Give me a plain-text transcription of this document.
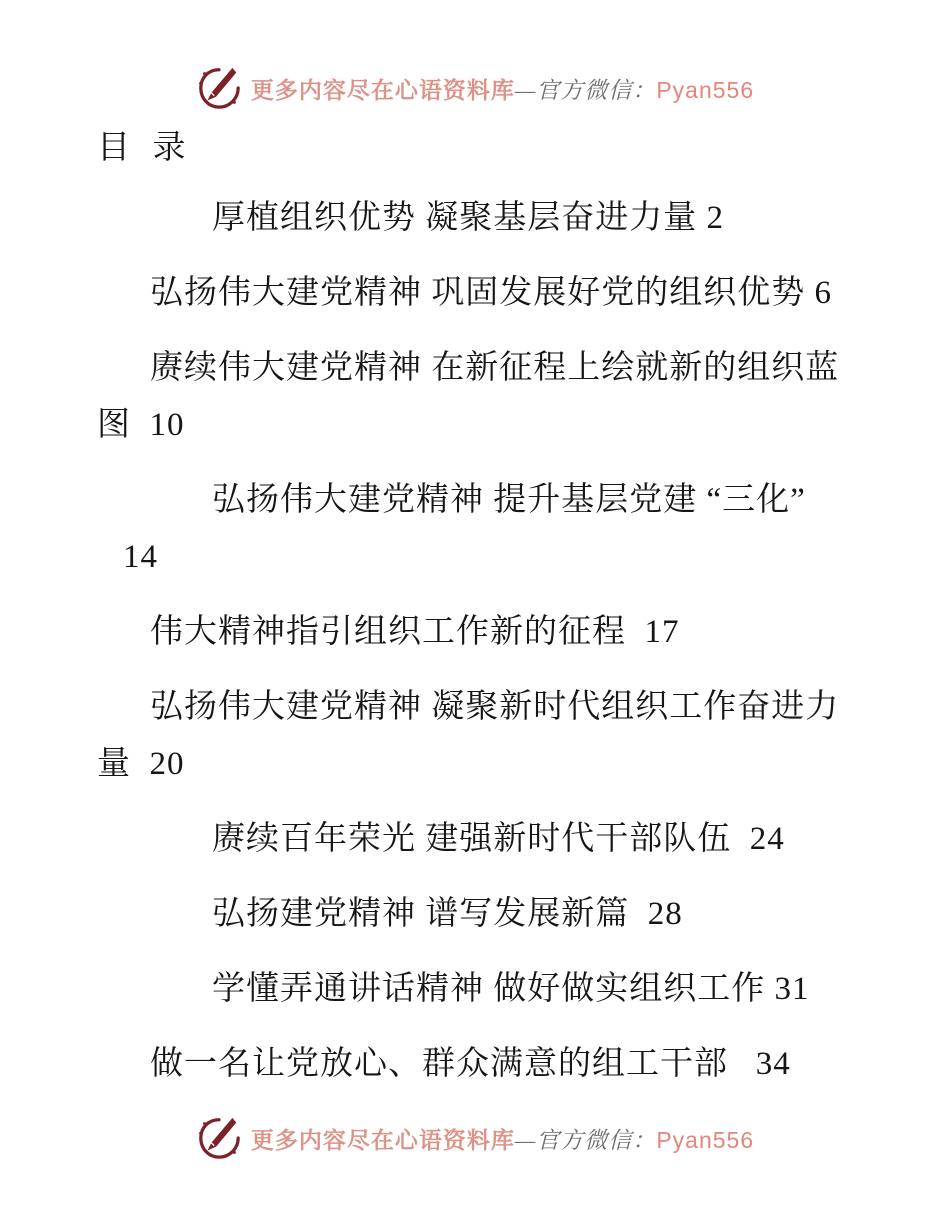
更多内容尽在心语资料库—官方微信：Pyan556
目  录
厚植组织优势 凝聚基层奋进力量 2
弘扬伟大建党精神 巩固发展好党的组织优势 6
赓续伟大建党精神 在新征程上绘就新的组织蓝
图  10
弘扬伟大建党精神 提升基层党建 “三化”
14
伟大精神指引组织工作新的征程  17
弘扬伟大建党精神 凝聚新时代组织工作奋进力
量  20
赓续百年荣光 建强新时代干部队伍  24
弘扬建党精神 谱写发展新篇  28
学懂弄通讲话精神 做好做实组织工作 31
做一名让党放心、群众满意的组工干部   34
更多内容尽在心语资料库—官方微信：Pyan556
